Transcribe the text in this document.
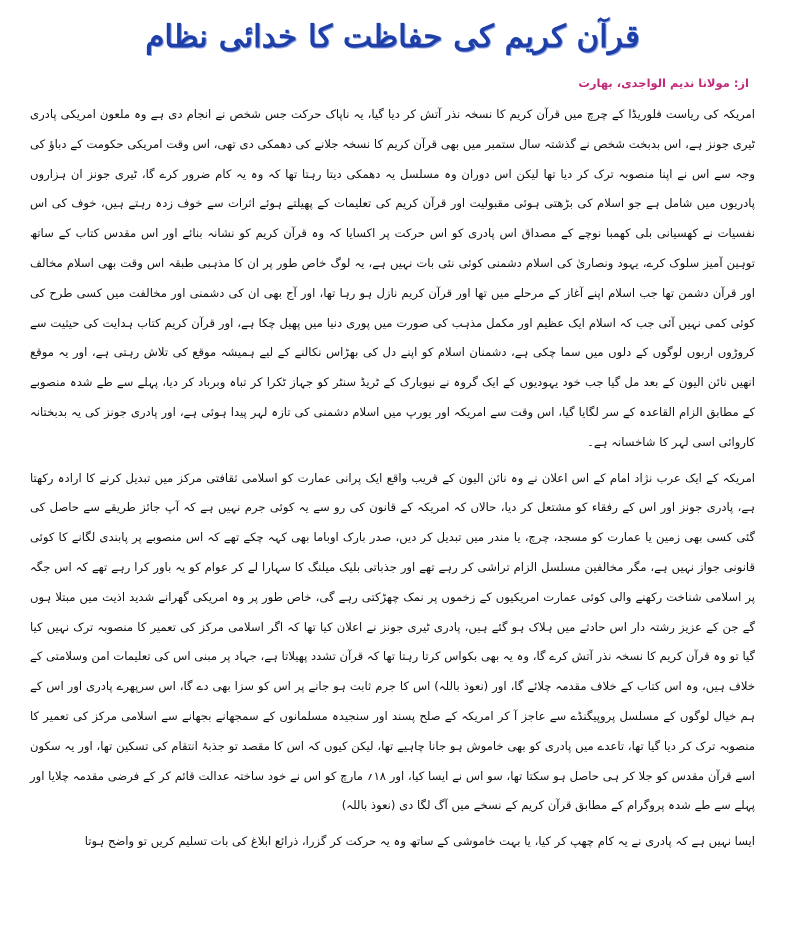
قرآن کریم کی حفاظت کا خدائی نظام
از: مولانا ندیم الواجدی، بھارت

امریکہ کی ریاست فلوریڈا کے چرچ میں قرآن کریم کا نسخہ نذر آتش کر دیا گیا، یہ ناپاک حرکت جس شخص نے انجام دی ہے وہ ملعون امریکی پادری ٹیری جونز ہے، اس بدبخت شخص نے گذشتہ سال ستمبر میں بھی قرآن کریم کا نسخہ جلانے کی دھمکی دی تھی، اس وقت امریکی حکومت کے دباؤ کی وجہ سے اس نے اپنا منصوبہ ترک کر دیا تھا لیکن اس دوران وہ مسلسل یہ دھمکی دیتا رہتا تھا کہ وہ یہ کام ضرور کرے گا، ٹیری جونز ان ہزاروں پادریوں میں شامل ہے جو اسلام کی بڑھتی ہوئی مقبولیت اور قرآن کریم کی تعلیمات کے پھیلتے ہوئے اثرات سے خوف زدہ رہتے ہیں، خوف کی اس نفسیات نے کھسیانی بلی کھمبا نوچے کے مصداق اس پادری کو اس حرکت پر اکسایا کہ وہ قرآن کریم کو نشانہ بنائے اور اس مقدس کتاب کے ساتھ توہین آمیز سلوک کرے، یہود ونصاریٰ کی اسلام دشمنی کوئی نئی بات نہیں ہے، یہ لوگ خاص طور پر ان کا مذہبی طبقہ اس وقت بھی اسلام مخالف اور قرآن دشمن تھا جب اسلام اپنے آغاز کے مرحلے میں تھا اور قرآن کریم نازل ہو رہا تھا، اور آج بھی ان کی دشمنی اور مخالفت میں کسی طرح کی کوئی کمی نہیں آئی جب کہ اسلام ایک عظیم اور مکمل مذہب کی صورت میں پوری دنیا میں پھیل چکا ہے، اور قرآن کریم کتاب ہدایت کی حیثیت سے کروڑوں اربوں لوگوں کے دلوں میں سما چکی ہے، دشمنان اسلام کو اپنے دل کی بھڑاس نکالنے کے لیے ہمیشہ موقع کی تلاش رہتی ہے، اور یہ موقع انھیں نائن الیون کے بعد مل گیا جب خود یہودیوں کے ایک گروہ نے نیویارک کے ٹریڈ سنٹر کو جہاز ٹکرا کر تباہ وبرباد کر دیا، پہلے سے طے شدہ منصوبے کے مطابق الزام القاعدہ کے سر لگایا گیا، اس وقت سے امریکہ اور یورپ میں اسلام دشمنی کی تازہ لہر پیدا ہوئی ہے، اور پادری جونز کی یہ بدبختانہ کاروائی اسی لہر کا شاخسانہ ہے۔

امریکہ کے ایک عرب نژاد امام کے اس اعلان نے وہ نائن الیون کے قریب واقع ایک پرانی عمارت کو اسلامی ثقافتی مرکز میں تبدیل کرنے کا ارادہ رکھتا ہے، پادری جونز اور اس کے رفقاء کو مشتعل کر دیا، حالاں کہ امریکہ کے قانون کی رو سے یہ کوئی جرم نہیں ہے کہ آپ جائز طریقے سے حاصل کی گئی کسی بھی زمین یا عمارت کو مسجد، چرچ، یا مندر میں تبدیل کر دیں، صدر بارک اوباما بھی کہہ چکے تھے کہ اس منصوبے پر پابندی لگانے کا کوئی قانونی جواز نہیں ہے، مگر مخالفین مسلسل الزام تراشی کر رہے تھے اور جذباتی بلیک میلنگ کا سہارا لے کر عوام کو یہ باور کرا رہے تھے کہ اس جگہ پر اسلامی شناخت رکھنے والی کوئی عمارت امریکیوں کے زخموں پر نمک چھڑکتی رہے گی، خاص طور پر وہ امریکی گھرانے شدید اذیت میں مبتلا ہوں گے جن کے عزیز رشتہ دار اس حادثے میں ہلاک ہو گئے ہیں، پادری ٹیری جونز نے اعلان کیا تھا کہ اگر اسلامی مرکز کی تعمیر کا منصوبہ ترک نہیں کیا گیا تو وہ قرآن کریم کا نسخہ نذر آتش کرے گا، وہ یہ بھی بکواس کرتا رہتا تھا کہ قرآن تشدد پھیلاتا ہے، جہاد پر مبنی اس کی تعلیمات امن وسلامتی کے خلاف ہیں، وہ اس کتاب کے خلاف مقدمہ چلائے گا، اور (نعوذ باللہ) اس کا جرم ثابت ہو جانے پر اس کو سزا بھی دے گا، اس سرپھرے پادری اور اس کے ہم خیال لوگوں کے مسلسل پروپیگنڈے سے عاجز آ کر امریکہ کے صلح پسند اور سنجیدہ مسلمانوں کے سمجھانے بجھانے سے اسلامی مرکز کی تعمیر کا منصوبہ ترک کر دیا گیا تھا، تاعدے میں پادری کو بھی خاموش ہو جانا چاہیے تھا، لیکن کیوں کہ اس کا مقصد تو جذبۂ انتقام کی تسکین تھا، اور یہ سکون اسے قرآن مقدس کو جلا کر ہی حاصل ہو سکتا تھا، سو اس نے ایسا کیا، اور ۱۸؍ مارچ کو اس نے خود ساختہ عدالت قائم کر کے فرضی مقدمہ چلایا اور پہلے سے طے شدہ پروگرام کے مطابق قرآن کریم کے نسخے میں آگ لگا دی (نعوذ باللہ)

ایسا نہیں ہے کہ پادری نے یہ کام چھپ کر کیا، یا بہت خاموشی کے ساتھ وہ یہ حرکت کر گزرا، ذرائع ابلاغ کی بات تسلیم کریں تو واضح ہوتا
